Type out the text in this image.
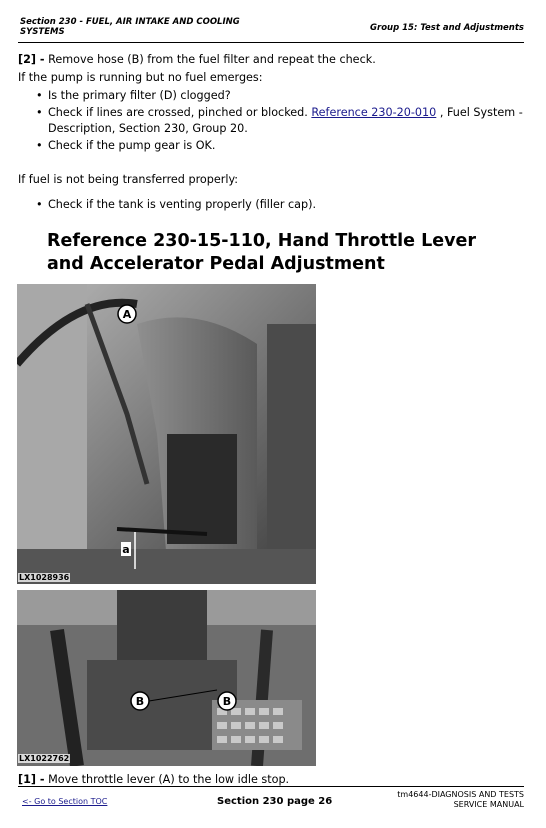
Section 230 - FUEL, AIR INTAKE AND COOLING SYSTEMS	Group 15: Test and Adjustments
[2] - Remove hose (B) from the fuel filter and repeat the check.
If the pump is running but no fuel emerges:
• Is the primary filter (D) clogged?
• Check if lines are crossed, pinched or blocked. Reference 230-20-010 , Fuel System -
Description, Section 230, Group 20.
• Check if the pump gear is OK.
If fuel is not being transferred properly:
• Check if the tank is venting properly (filler cap).
Reference 230-15-110, Hand Throttle Lever and Accelerator Pedal Adjustment
A
a
LX1028936
B	B
LX1022762
[1] - Move throttle lever (A) to the low idle stop.
<- Go to Section TOC	Section 230 page 26
tm4644-DIAGNOSIS AND TESTS
SERVICE MANUAL
